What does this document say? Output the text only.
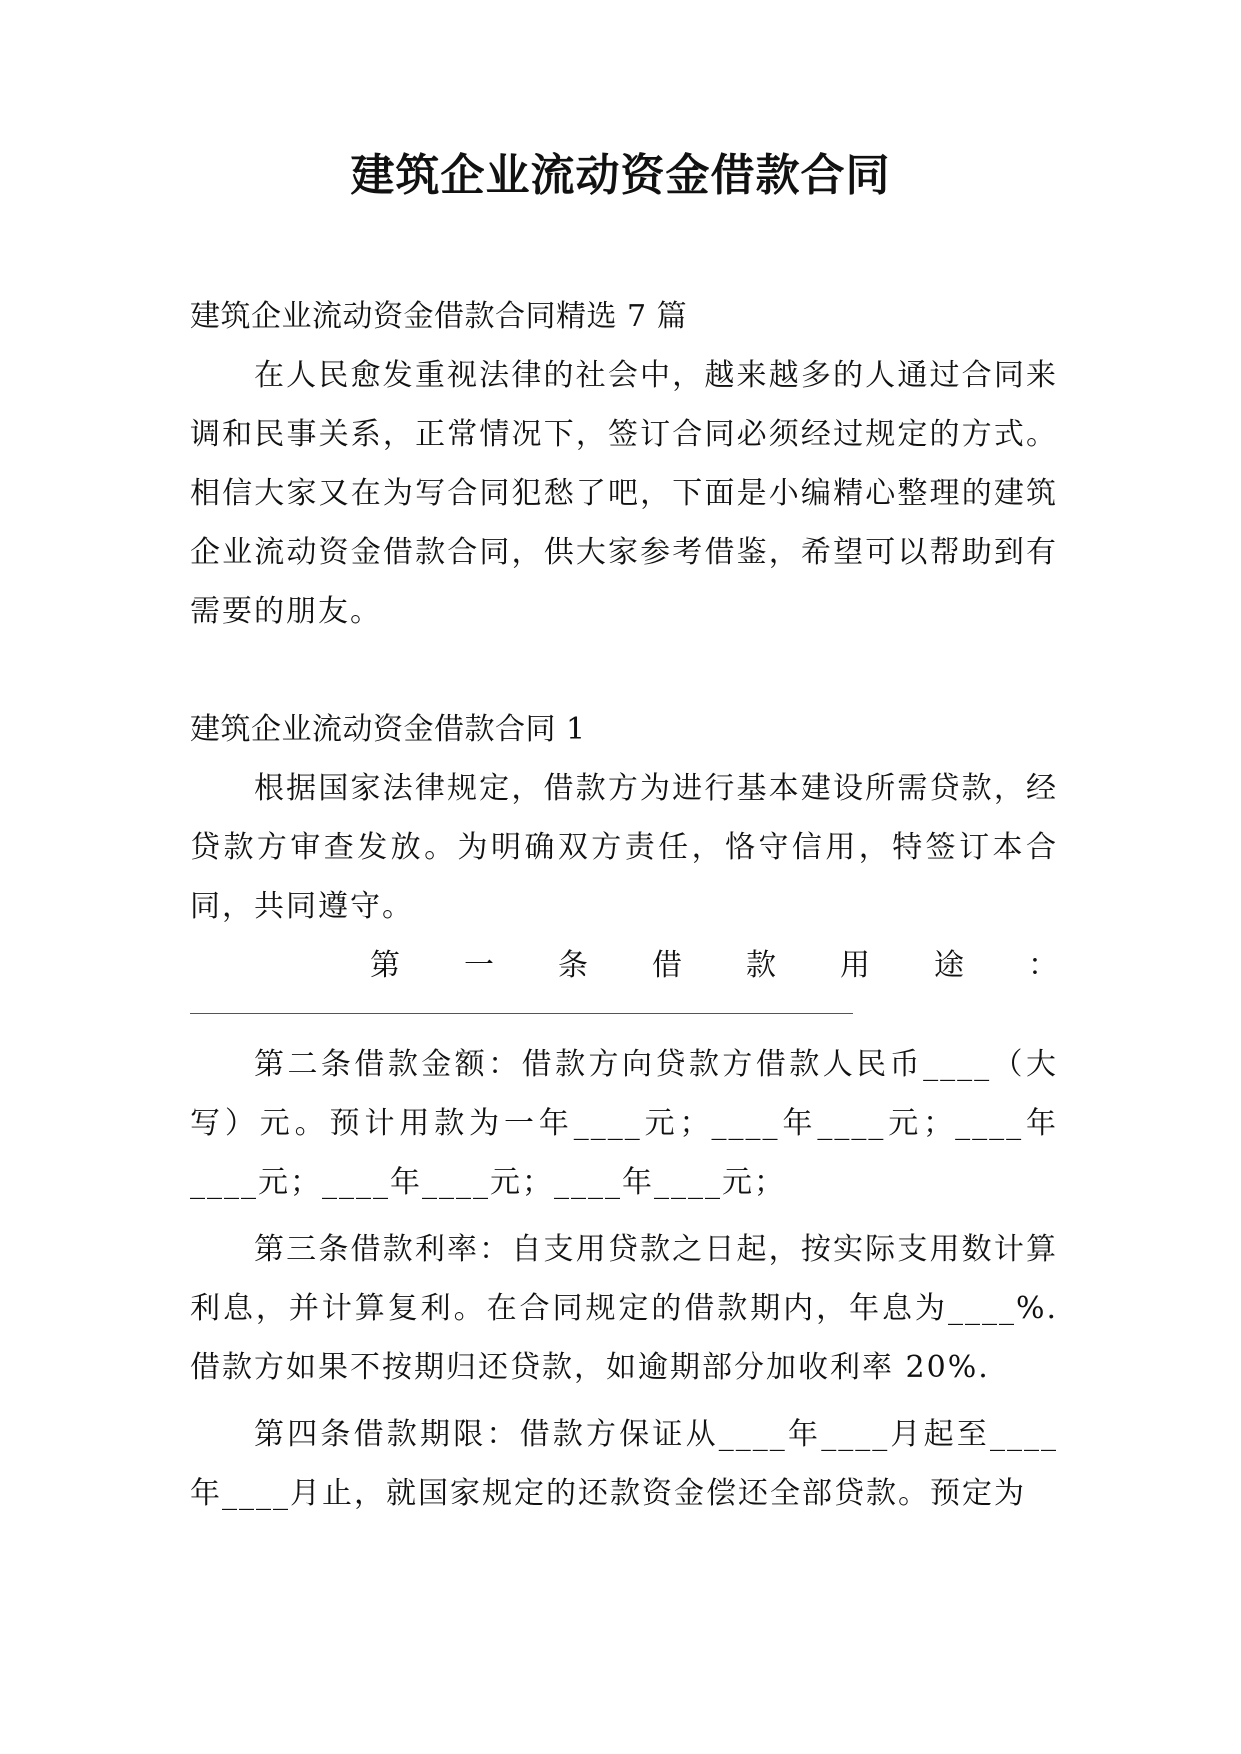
建筑企业流动资金借款合同

建筑企业流动资金借款合同精选 7 篇

在人民愈发重视法律的社会中，越来越多的人通过合同来调和民事关系，正常情况下，签订合同必须经过规定的方式。相信大家又在为写合同犯愁了吧，下面是小编精心整理的建筑企业流动资金借款合同，供大家参考借鉴，希望可以帮助到有需要的朋友。

建筑企业流动资金借款合同 1

根据国家法律规定，借款方为进行基本建设所需贷款，经贷款方审查发放。为明确双方责任，恪守信用，特签订本合同，共同遵守。

第 一 条 借 款 用 途 ：

第二条借款金额：借款方向贷款方借款人民币____（大写）元。预计用款为一年____元；____年____元；____年____元；____年____元；____年____元；

第三条借款利率：自支用贷款之日起，按实际支用数计算利息，并计算复利。在合同规定的借款期内，年息为____%. 借款方如果不按期归还贷款，如逾期部分加收利率 20%.

第四条借款期限：借款方保证从____年____月起至____年____月止，就国家规定的还款资金偿还全部贷款。预定为
